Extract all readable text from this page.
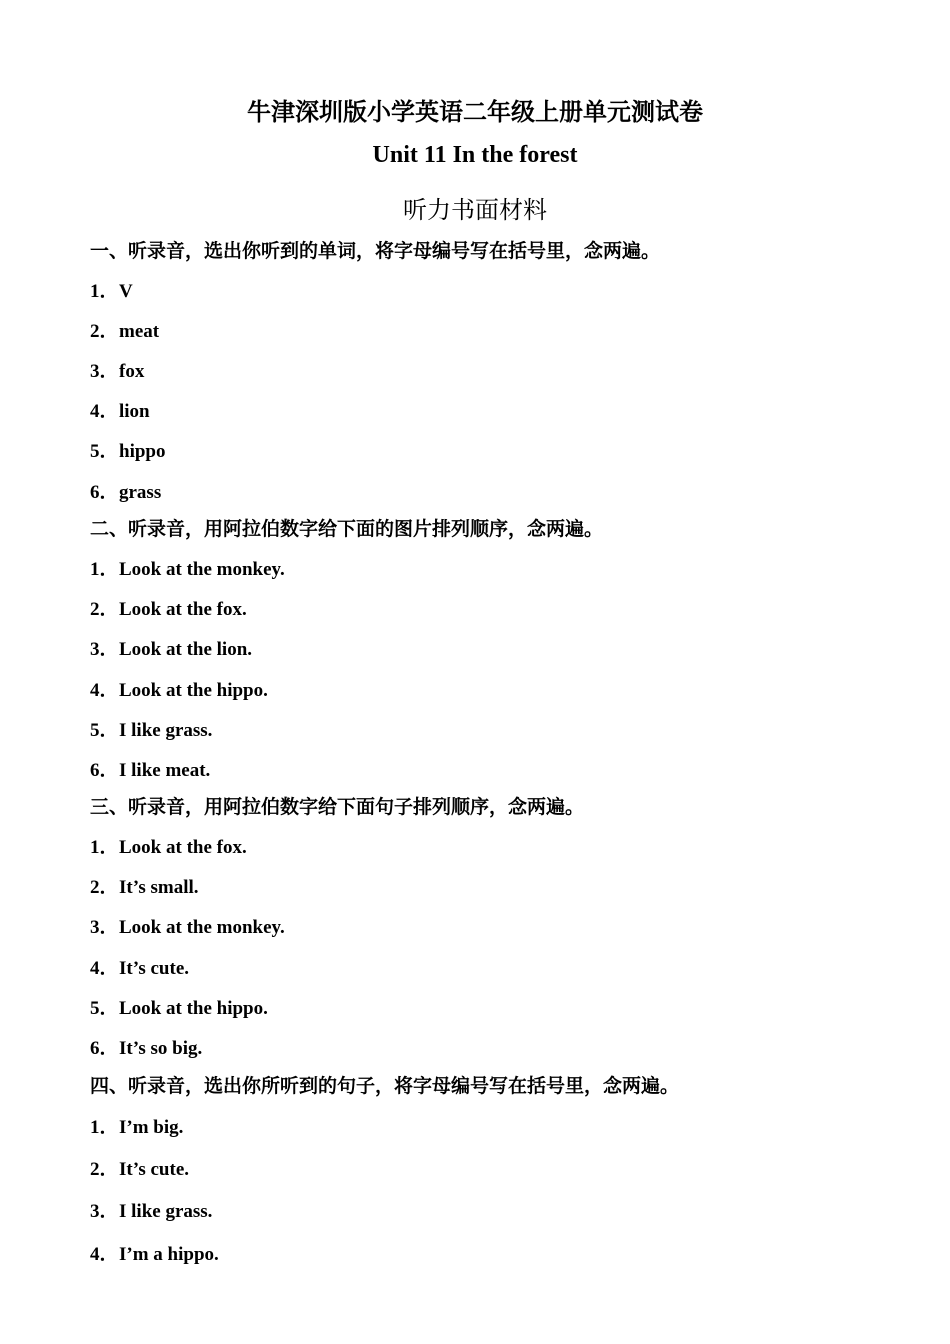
牛津深圳版小学英语二年级上册单元测试卷
Unit 11 In the forest
听力书面材料
一、听录音，选出你听到的单词，将字母编号写在括号里，念两遍。
1．V
2．meat
3．fox
4．lion
5．hippo
6．grass
二、听录音，用阿拉伯数字给下面的图片排列顺序，念两遍。
1．Look at the monkey.
2．Look at the fox.
3．Look at the lion.
4．Look at the hippo.
5．I like grass.
6．I like meat.
三、听录音，用阿拉伯数字给下面句子排列顺序，念两遍。
1．Look at the fox.
2．It’s small.
3．Look at the monkey.
4．It’s cute.
5．Look at the hippo.
6．It’s so big.
四、听录音，选出你所听到的句子，将字母编号写在括号里，念两遍。
1．I’m big.
2．It’s cute.
3．I like grass.
4．I’m a hippo.
